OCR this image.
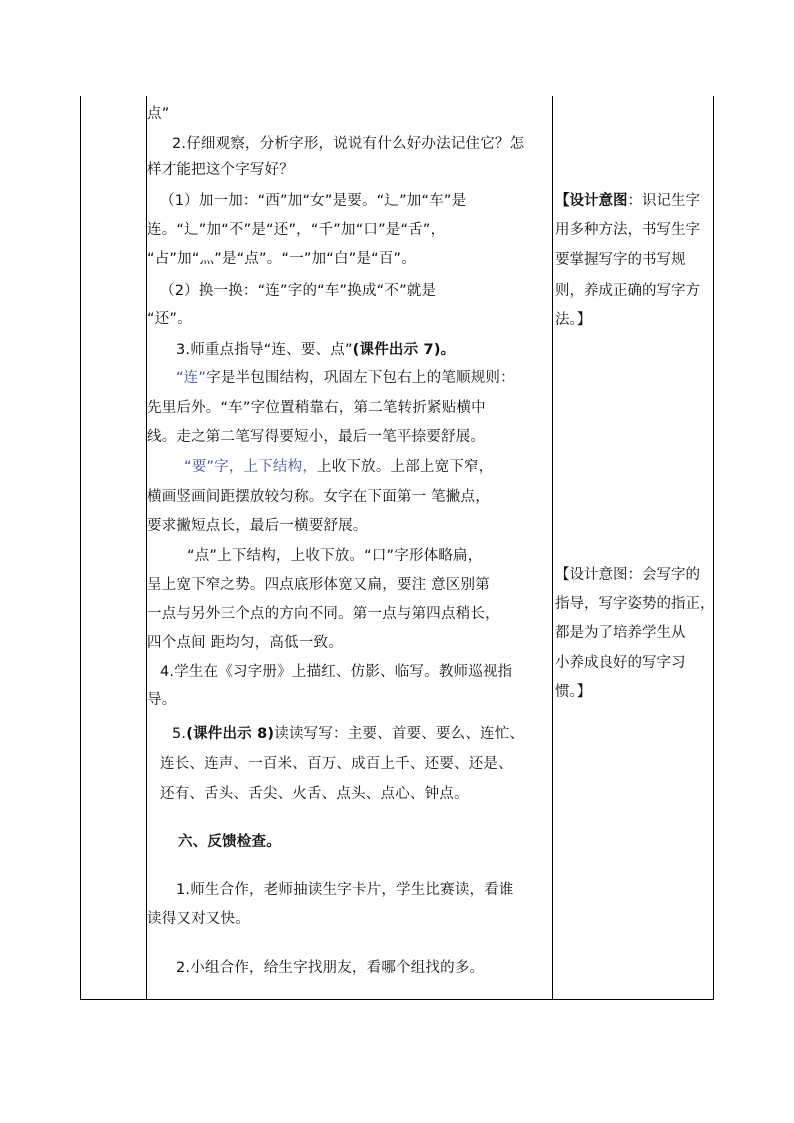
点”
2.仔细观察，分析字形，说说有什么好办法记住它？怎
样才能把这个字写好？
（1）加一加：“西”加“女”是要。“辶”加“车”是
连。“辶”加“不”是“还”，“千”加“口”是“舌”，
“占”加“灬”是“点”。“一”加“白”是“百”。
（2）换一换：“连”字的“车”换成“不”就是
“还”。
3.师重点指导“连、要、点”(课件出示 7)。
“连”字是半包围结构，巩固左下包右上的笔顺规则：
先里后外。“车”字位置稍靠右，第二笔转折紧贴横中
线。走之第二笔写得要短小，最后一笔平捺要舒展。
“要”字，上下结构，上收下放。上部上宽下窄，
横画竖画间距摆放较匀称。女字在下面第一 笔撇点，
要求撇短点长，最后一横要舒展。
“点”上下结构，上收下放。“口”字形体略扁，
呈上宽下窄之势。四点底形体宽又扁，要注 意区别第
一点与另外三个点的方向不同。第一点与第四点稍长，
四个点间 距均匀，高低一致。
4.学生在《习字册》上描红、仿影、临写。教师巡视指
导。
5.(课件出示 8)读读写写：主要、首要、要么、连忙、
连长、连声、一百米、百万、成百上千、还要、还是、
还有、舌头、舌尖、火舌、点头、点心、钟点。
六、反馈检查。
1.师生合作，老师抽读生字卡片，学生比赛读，看谁
读得又对又快。
2.小组合作，给生字找朋友，看哪个组找的多。
【设计意图：识记生字
用多种方法，书写生字
要掌握写字的书写规
则，养成正确的写字方
法。】
【设计意图：会写字的
指导，写字姿势的指正，
都是为了培养学生从
小养成良好的写字习
惯。】
